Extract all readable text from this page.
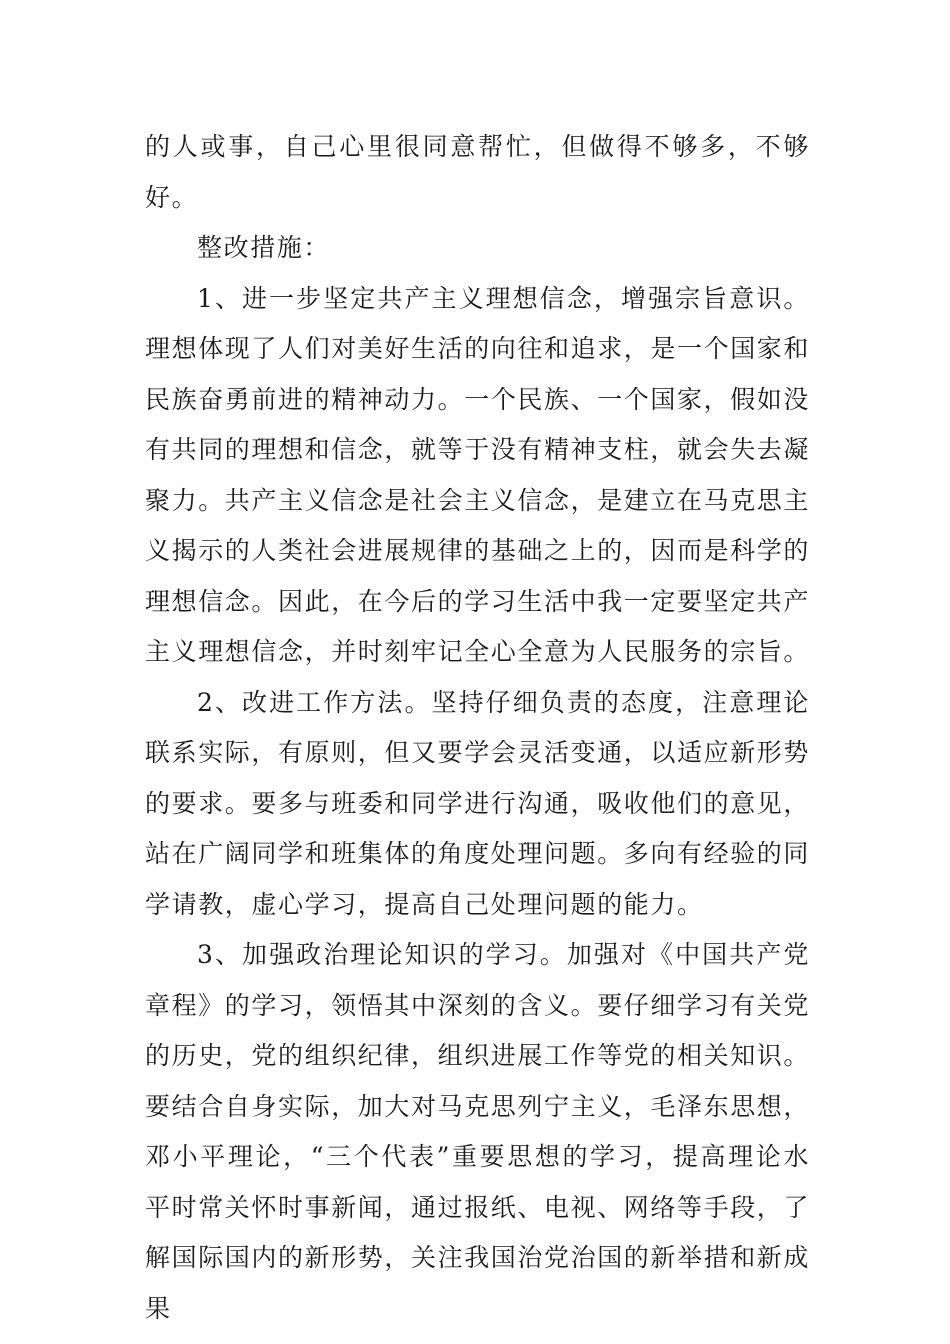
的人或事，自己心里很同意帮忙，但做得不够多，不够好。

整改措施：

1、进一步坚定共产主义理想信念，增强宗旨意识。理想体现了人们对美好生活的向往和追求，是一个国家和民族奋勇前进的精神动力。一个民族、一个国家，假如没有共同的理想和信念，就等于没有精神支柱，就会失去凝聚力。共产主义信念是社会主义信念，是建立在马克思主义揭示的人类社会进展规律的基础之上的，因而是科学的理想信念。因此，在今后的学习生活中我一定要坚定共产主义理想信念，并时刻牢记全心全意为人民服务的宗旨。

2、改进工作方法。坚持仔细负责的态度，注意理论联系实际，有原则，但又要学会灵活变通，以适应新形势的要求。要多与班委和同学进行沟通，吸收他们的意见，站在广阔同学和班集体的角度处理问题。多向有经验的同学请教，虚心学习，提高自己处理问题的能力。

3、加强政治理论知识的学习。加强对《中国共产党章程》的学习，领悟其中深刻的含义。要仔细学习有关党的历史，党的组织纪律，组织进展工作等党的相关知识。要结合自身实际，加大对马克思列宁主义，毛泽东思想，邓小平理论，“三个代表”重要思想的学习，提高理论水平时常关怀时事新闻，通过报纸、电视、网络等手段，了解国际国内的新形势，关注我国治党治国的新举措和新成果
